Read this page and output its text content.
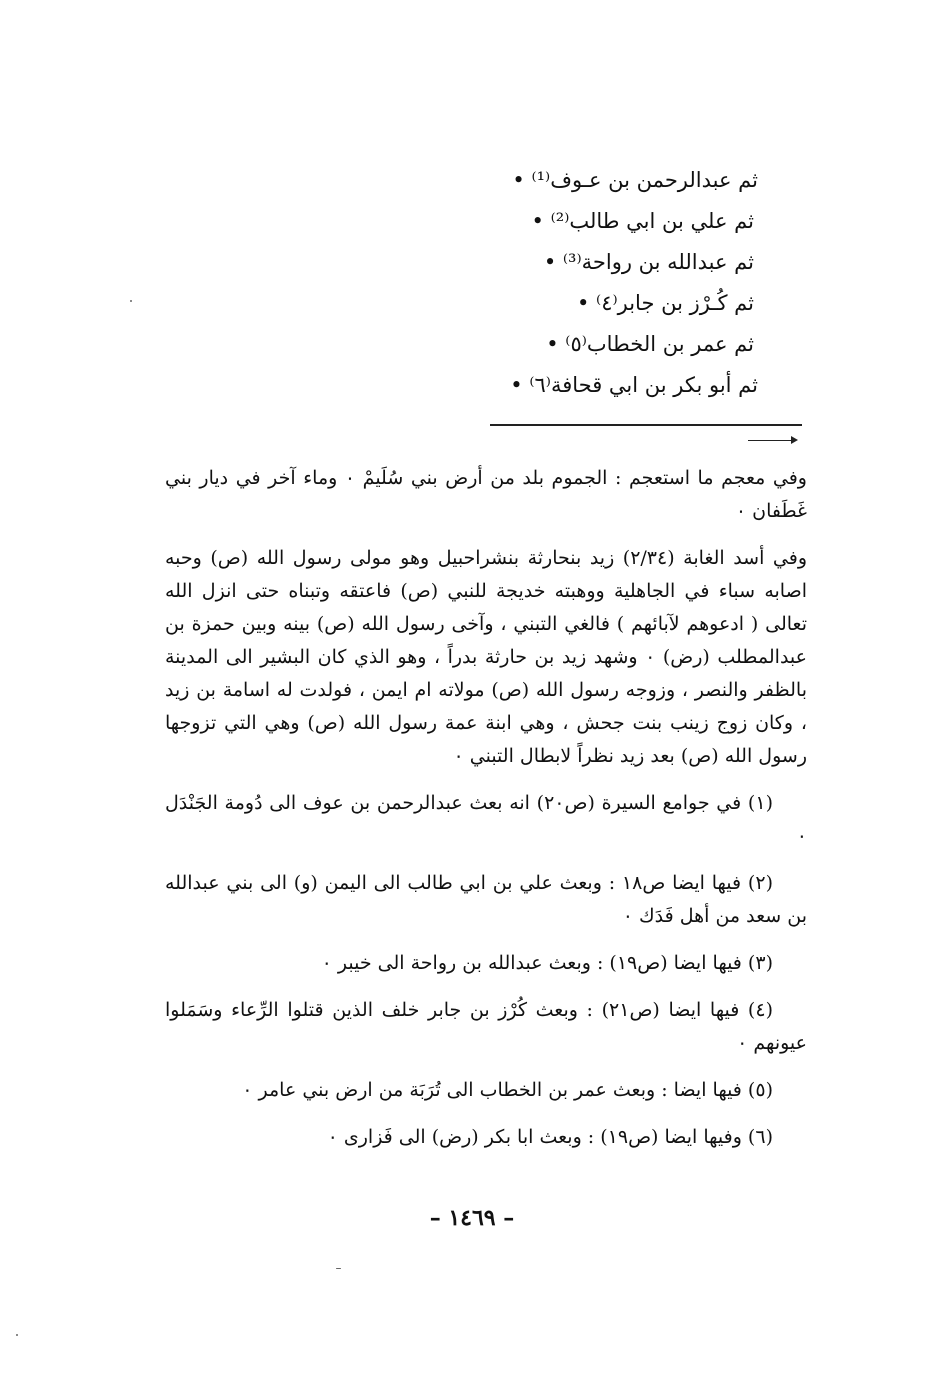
ثم عبدالرحمن بن عـوف⁽¹⁾ •
ثم علي بن ابي طالب⁽²⁾ •
ثم عبدالله بن رواحة⁽³⁾ •
ثم كُـرْز بن جابر⁽٤⁾ •
ثم عمر بن الخطاب⁽٥⁾ •
ثم أبو بكر بن ابي قحافة⁽٦⁾ •

وفي معجم ما استعجم : الجموم بلد من أرض بني سُلَيمْ ٠ وماء آخر في ديار بني غَطَفان ٠

وفي أسد الغابة (٢/٣٤) زيد بنحارثة بنشراحبيل وهو مولى رسول الله (ص) وحبه اصابه سباء في الجاهلية ووهبته خديجة للنبي (ص) فاعتقه وتبناه حتى انزل الله تعالى ( ادعوهم لآبائهم ) فالغي التبني ، وآخى رسول الله (ص) بينه وبين حمزة بن عبدالمطلب (رض) ٠ وشهد زيد بن حارثة بدراً ، وهو الذي كان البشير الى المدينة بالظفر والنصر ، وزوجه رسول الله (ص) مولاته ام ايمن ، فولدت له اسامة بن زيد ، وكان زوج زينب بنت جحش ، وهي ابنة عمة رسول الله (ص) وهي التي تزوجها رسول الله (ص) بعد زيد نظراً لابطال التبني ٠

(١) في جوامع السيرة (ص٢٠) انه بعث عبدالرحمن بن عوف الى دُومة الجَنْدَل ٠

(٢) فيها ايضا ص١٨ : وبعث علي بن ابي طالب الى اليمن (و) الى بني عبدالله بن سعد من أهل فَدَك ٠

(٣) فيها ايضا (ص١٩) : وبعث عبدالله بن رواحة الى خيبر ٠

(٤) فيها ايضا (ص٢١) : وبعث كُرْز بن جابر خلف الذين قتلوا الرِّعاء وسَمَلوا عيونهم ٠

(٥) فيها ايضا : وبعث عمر بن الخطاب الى تُرَبَة من ارض بني عامر ٠

(٦) وفيها ايضا (ص١٩) : وبعث ابا بكر (رض) الى فَزارى ٠

– ١٤٦٩ –
